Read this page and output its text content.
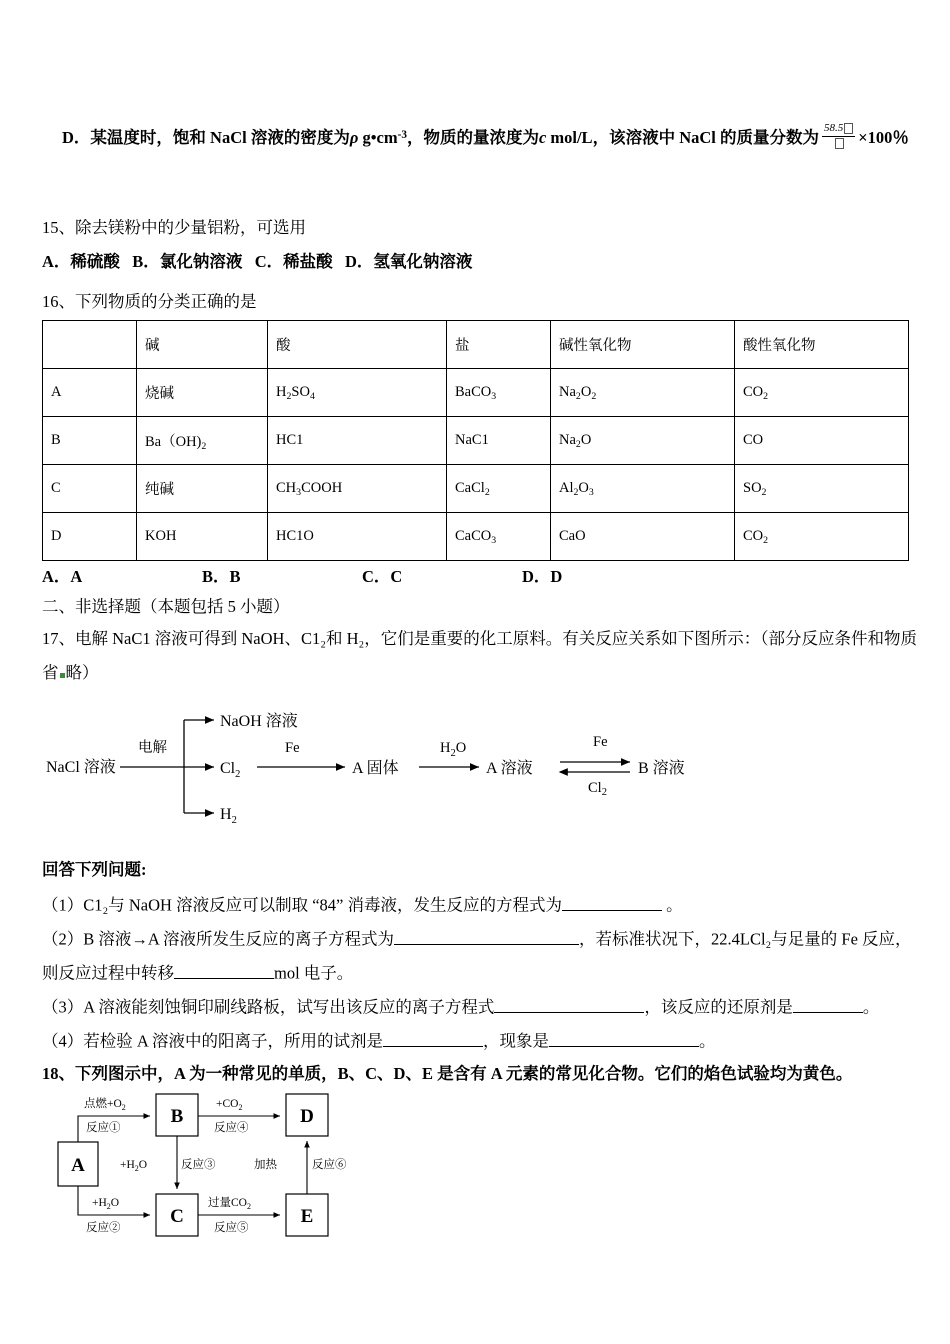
D．某温度时，饱和 NaCl 溶液的密度为ρ $g•cm^{-3}$，物质的量浓度为c mol/L，该溶液中 NaCl 的质量分数为 58.5 ×100％
15、除去镁粉中的少量铝粉，可选用
A．稀硫酸 B．氯化钠溶液 C．稀盐酸 D．氢氧化钠溶液
16、下列物质的分类正确的是
	碱	酸	盐	碱性氧化物	酸性氧化物
A	烧碱	$H_2SO_4$	BaCO$_3$	$Na_2O_2$	$CO_2$
B	$Ba(OH)_2$	HC1	NaC1	$Na_2O$	CO
C	纯碱	$CH_3COOH$	CaCl$_2$	$Al_2O_3$	$SO_2$
D	KOH	HC1O	CaCO$_3$	CaO	$CO_2$
A．A	B．B	C．C	D．D
二、非选择题（本题包括 5 小题）
17、电解 NaC1 溶液可得到 NaOH、C1₂和 H₂，它们是重要的化工原料。有关反应关系如下图所示：（部分反应条件和物质
省 略）
NaCl 溶液
电解
NaOH 溶液
$Cl_2$
$H_2$
Fe
A 固体
$H_2O$
A 溶液
Fe
$Cl_2$
B 溶液
回答下列问题:
（1）C1₂与 NaOH 溶液反应可以制取 “84” 消毒液，发生反应的方程式为	。
（2）B 溶液→A 溶液所发生反应的离子方程式为	，若标准状况下，22.4LCl₂与足量的 Fe 反应，
则反应过程中转移	mol 电子。
（3）A 溶液能刻蚀铜印刷线路板，试写出该反应的离子方程式	，该反应的还原剂是	。
（4）若检验 A 溶液中的阳离子，所用的试剂是	，现象是	。
18、下列图示中，A 为一种常见的单质，B、C、D、E 是含有 A 元素的常见化合物。它们的焰色试验均为黄色。
A
B
C
D
E
点燃$+O_2$
反应①
$+H_2O$
反应②
$+H_2O$	反应③
$+CO_2$
反应④
过量$CO_2$
反应⑤
加热	反应⑥
